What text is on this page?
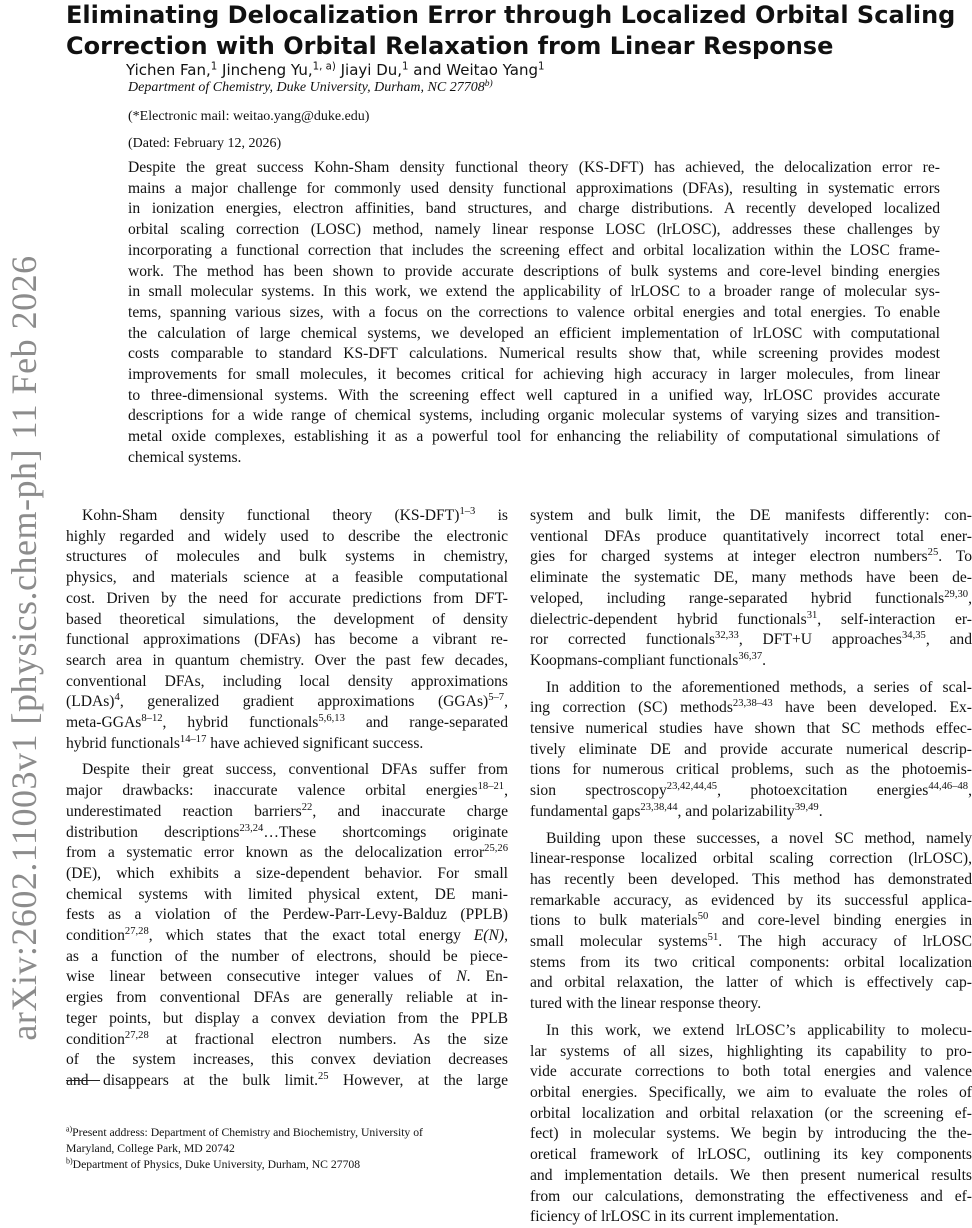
arXiv:2602.11003v1 [physics.chem-ph] 11 Feb 2026
Eliminating Delocalization Error through Localized Orbital Scaling
Correction with Orbital Relaxation from Linear Response
Yichen Fan,$^1$ Jincheng Yu,$^{1, a)}$ Jiayi Du,$^1$ and Weitao Yang$^1$
Department of Chemistry, Duke University, Durham, NC 27708$^{b)}$
(*Electronic mail: weitao.yang@duke.edu)
(Dated: February 12, 2026)
Despite the great success Kohn-Sham density functional theory (KS-DFT) has achieved, the delocalization error re-
mains a major challenge for commonly used density functional approximations (DFAs), resulting in systematic errors
in ionization energies, electron affinities, band structures, and charge distributions. A recently developed localized
orbital scaling correction (LOSC) method, namely linear response LOSC (lrLOSC), addresses these challenges by
incorporating a functional correction that includes the screening effect and orbital localization within the LOSC frame-
work. The method has been shown to provide accurate descriptions of bulk systems and core-level binding energies
in small molecular systems. In this work, we extend the applicability of lrLOSC to a broader range of molecular sys-
tems, spanning various sizes, with a focus on the corrections to valence orbital energies and total energies. To enable
the calculation of large chemical systems, we developed an efficient implementation of lrLOSC with computational
costs comparable to standard KS-DFT calculations. Numerical results show that, while screening provides modest
improvements for small molecules, it becomes critical for achieving high accuracy in larger molecules, from linear
to three-dimensional systems. With the screening effect well captured in a unified way, lrLOSC provides accurate
descriptions for a wide range of chemical systems, including organic molecular systems of varying sizes and transition-
metal oxide complexes, establishing it as a powerful tool for enhancing the reliability of computational simulations of
chemical systems.
Kohn-Sham density functional theory $(KS-DFT)^{1-3}$ is
highly regarded and widely used to describe the electronic
structures of molecules and bulk systems in chemistry,
physics, and materials science at a feasible computational
cost. Driven by the need for accurate predictions from DFT-
based theoretical simulations, the development of density
functional approximations (DFAs) has become a vibrant re-
search area in quantum chemistry. Over the past few decades,
conventional DFAs, including local density approximations
(LDAs)$^4$, generalized gradient approximations (GGAs)$^{5-7}$,
meta-GGAs$^{8-12}$, hybrid functionals$^{5,6,13}$ and range-separated
hybrid functionals$^{14-17}$ have achieved significant success.
Despite their great success, conventional DFAs suffer from
major drawbacks: inaccurate valence orbital energies$^{18-21}$,
underestimated reaction barriers$^{22}$, and inaccurate charge
distribution descriptions$^{23,24}$…These shortcomings originate
from a systematic error known as the delocalization error$^{25,26}$
(DE), which exhibits a size-dependent behavior. For small
chemical systems with limited physical extent, DE mani-
fests as a violation of the Perdew-Parr-Levy-Balduz (PPLB)
condition$^{27,28}$, which states that the exact total energy E(N),
as a function of the number of electrons, should be piece-
wise linear between consecutive integer values of N. En-
ergies from conventional DFAs are generally reliable at in-
teger points, but display a convex deviation from the PPLB
condition$^{27,28}$ at fractional electron numbers. As the size
of the system increases, this convex deviation decreases
and disappears at the bulk limit.$^{25}$ However, at the large
system and bulk limit, the DE manifests differently: con-
ventional DFAs produce quantitatively incorrect total ener-
gies for charged systems at integer electron numbers$^{25}$. To
eliminate the systematic DE, many methods have been de-
veloped, including range-separated hybrid functionals$^{29,30}$,
dielectric-dependent hybrid functionals$^{31}$, self-interaction er-
ror corrected functionals$^{32,33}$, DFT+U approaches$^{34,35}$, and
Koopmans-compliant functionals$^{36,37}$.
In addition to the aforementioned methods, a series of scal-
ing correction (SC) methods$^{23,38-43}$ have been developed. Ex-
tensive numerical studies have shown that SC methods effec-
tively eliminate DE and provide accurate numerical descrip-
tions for numerous critical problems, such as the photoemis-
sion spectroscopy$^{23,42,44,45}$, photoexcitation energies$^{44,46-48}$,
fundamental gaps$^{23,38,44}$, and polarizability$^{39,49}$.
Building upon these successes, a novel SC method, namely
linear-response localized orbital scaling correction (lrLOSC),
has recently been developed. This method has demonstrated
remarkable accuracy, as evidenced by its successful applica-
tions to bulk materials$^{50}$ and core-level binding energies in
small molecular systems$^{51}$. The high accuracy of lrLOSC
stems from its two critical components: orbital localization
and orbital relaxation, the latter of which is effectively cap-
tured with the linear response theory.
In this work, we extend lrLOSC’s applicability to molecu-
lar systems of all sizes, highlighting its capability to pro-
vide accurate corrections to both total energies and valence
orbital energies. Specifically, we aim to evaluate the roles of
orbital localization and orbital relaxation (or the screening ef-
fect) in molecular systems. We begin by introducing the the-
oretical framework of lrLOSC, outlining its key components
and implementation details. We then present numerical results
from our calculations, demonstrating the effectiveness and ef-
ficiency of lrLOSC in its current implementation.
$^{a)}$Present address: Department of Chemistry and Biochemistry, University of
Maryland, College Park, MD 20742
$^{b)}$Department of Physics, Duke University, Durham, NC 27708
